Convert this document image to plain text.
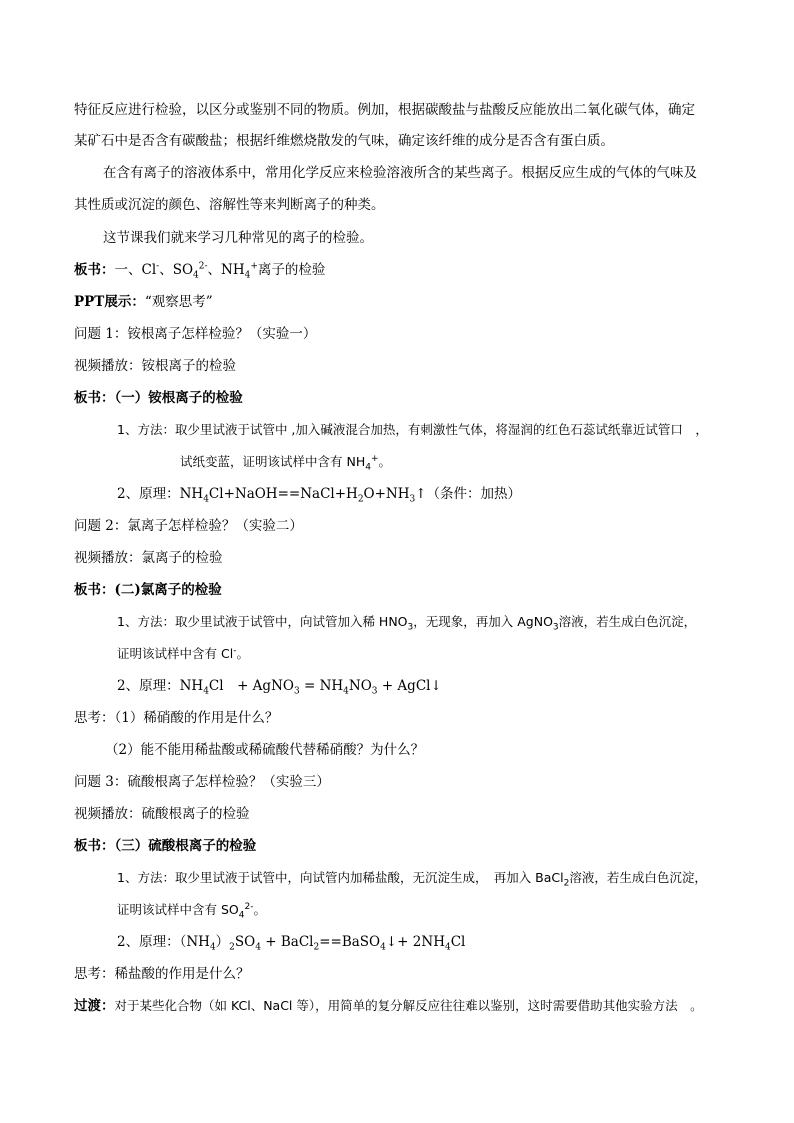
特征反应进行检验，以区分或鉴别不同的物质。例加，根据碳酸盐与盐酸反应能放出二氧化碳气体，确定
某矿石中是否含有碳酸盐；根据纤维燃烧散发的气味，确定该纤维的成分是否含有蛋白质。
在含有离子的溶液体系中，常用化学反应来检验溶液所含的某些离子。根据反应生成的气体的气味及
其性质或沉淀的颜色、溶解性等来判断离子的种类。
这节课我们就来学习几种常见的离子的检验。
板书：一、Cl-、$SO_4^{2-}$、$NH_4^+$离子的检验
PPT展示：“观察思考”
问题 1：铵根离子怎样检验？（实验一）
视频播放：铵根离子的检验
板书：（一）铵根离子的检验
1、方法：取少里试液于试管中 ,加入碱液混合加热，有刺激性气体，将湿润的红色石蕊试纸靠近试管口　，
试纸变蓝，证明该试样中含有 $NH_4^+$。
2、原理：$NH_4Cl+NaOH==NaCl+H_2O+NH_3↑$（条件：加热）
问题 2：氯离子怎样检验？（实验二）
视频播放：氯离子的检验
板书：(二)氯离子的检验
1、方法：取少里试液于试管中，向试管加入稀 $HNO_3$，无现象，再加入 AgNO$_3$溶液，若生成白色沉淀，
证明该试样中含有 Cl-。
2、原理：$NH_4Cl$　+ AgNO$_3$ = $NH_4NO_3$ + AgCl↓
思考：（1）稀硝酸的作用是什么？
（2）能不能用稀盐酸或稀硫酸代替稀硝酸？为什么？
问题 3：硫酸根离子怎样检验？（实验三）
视频播放：硫酸根离子的检验
板书：（三）硫酸根离子的检验
1、方法：取少里试液于试管中，向试管内加稀盐酸，无沉淀生成，　再加入 BaCl$_2$溶液，若生成白色沉淀，
证明该试样中含有 $SO_4^{2-}$。
2、原理：$(NH_4)_2SO_4$ + BaCl$_2$==BaSO$_4$↓+ $2NH_4Cl$
思考：稀盐酸的作用是什么？
过渡：对于某些化合物（如 KCl、NaCl 等），用简单的复分解反应往往难以鉴别，这时需要借助其他实验方法　。
